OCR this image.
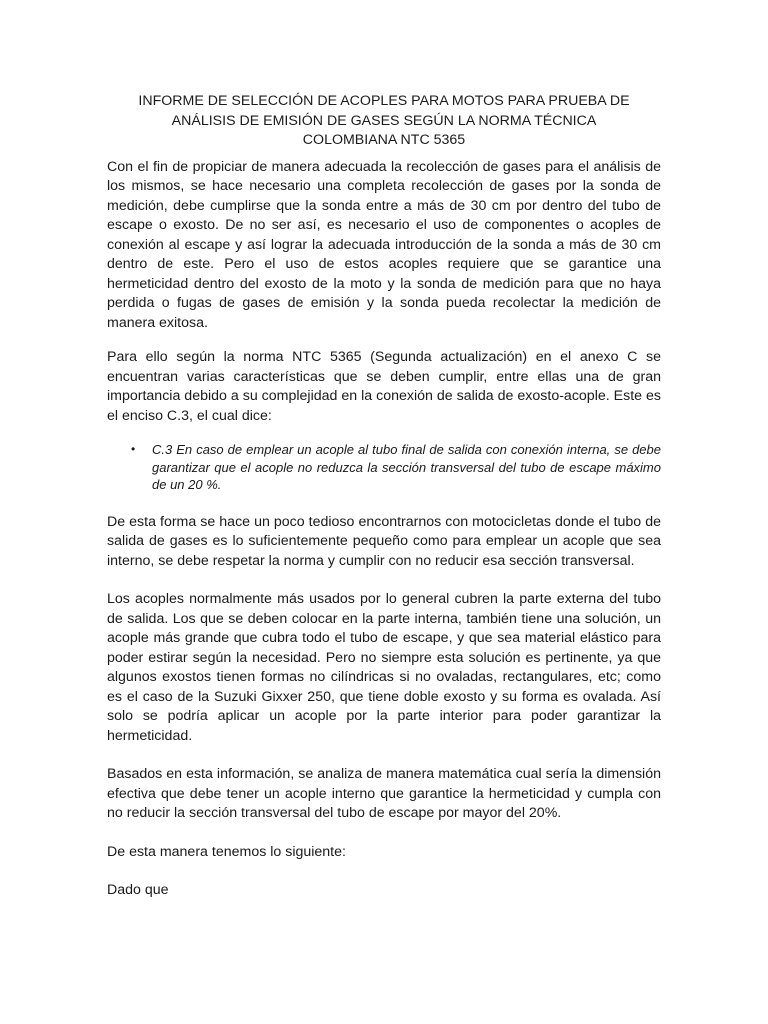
INFORME DE SELECCIÓN DE ACOPLES PARA MOTOS PARA PRUEBA DE
ANÁLISIS DE EMISIÓN DE GASES SEGÚN LA NORMA TÉCNICA
COLOMBIANA NTC 5365

Con el fin de propiciar de manera adecuada la recolección de gases para el análisis de los mismos, se hace necesario una completa recolección de gases por la sonda de medición, debe cumplirse que la sonda entre a más de 30 cm por dentro del tubo de escape o exosto. De no ser así, es necesario el uso de componentes o acoples de conexión al escape y así lograr la adecuada introducción de la sonda a más de 30 cm dentro de este. Pero el uso de estos acoples requiere que se garantice una hermeticidad dentro del exosto de la moto y la sonda de medición para que no haya perdida o fugas de gases de emisión y la sonda pueda recolectar la medición de manera exitosa.

Para ello según la norma NTC 5365 (Segunda actualización) en el anexo C se encuentran varias características que se deben cumplir, entre ellas una de gran importancia debido a su complejidad en la conexión de salida de exosto-acople. Este es el enciso C.3, el cual dice:

• C.3 En caso de emplear un acople al tubo final de salida con conexión interna, se debe garantizar que el acople no reduzca la sección transversal del tubo de escape máximo de un 20 %.

De esta forma se hace un poco tedioso encontrarnos con motocicletas donde el tubo de salida de gases es lo suficientemente pequeño como para emplear un acople que sea interno, se debe respetar la norma y cumplir con no reducir esa sección transversal.

Los acoples normalmente más usados por lo general cubren la parte externa del tubo de salida. Los que se deben colocar en la parte interna, también tiene una solución, un acople más grande que cubra todo el tubo de escape, y que sea material elástico para poder estirar según la necesidad. Pero no siempre esta solución es pertinente, ya que algunos exostos tienen formas no cilíndricas si no ovaladas, rectangulares, etc; como es el caso de la Suzuki Gixxer 250, que tiene doble exosto y su forma es ovalada. Así solo se podría aplicar un acople por la parte interior para poder garantizar la hermeticidad.

Basados en esta información, se analiza de manera matemática cual sería la dimensión efectiva que debe tener un acople interno que garantice la hermeticidad y cumpla con no reducir la sección transversal del tubo de escape por mayor del 20%.

De esta manera tenemos lo siguiente:

Dado que
